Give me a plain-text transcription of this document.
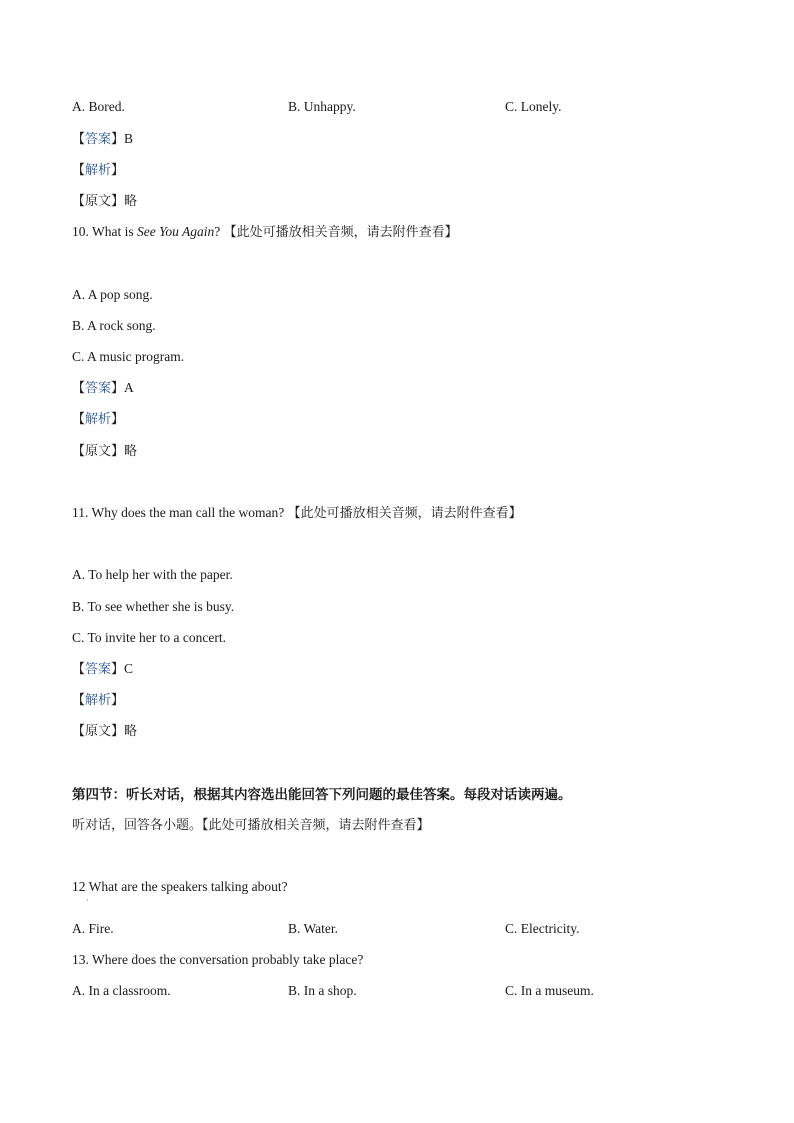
A. Bored.	B. Unhappy.	C. Lonely.
【答案】B
【解析】
【原文】略
10. What is See You Again? 【此处可播放相关音频，请去附件查看】
A. A pop song.
B. A rock song.
C. A music program.
【答案】A
【解析】
【原文】略
11. Why does the man call the woman? 【此处可播放相关音频，请去附件查看】
A. To help her with the paper.
B. To see whether she is busy.
C. To invite her to a concert.
【答案】C
【解析】
【原文】略
第四节：听长对话，根据其内容选出能回答下列问题的最佳答案。每段对话读两遍。
听对话，回答各小题。【此处可播放相关音频，请去附件查看】
12 What are the speakers talking about?
·
A. Fire.	B. Water.	C. Electricity.
13. Where does the conversation probably take place?
A. In a classroom.	B. In a shop.	C. In a museum.
